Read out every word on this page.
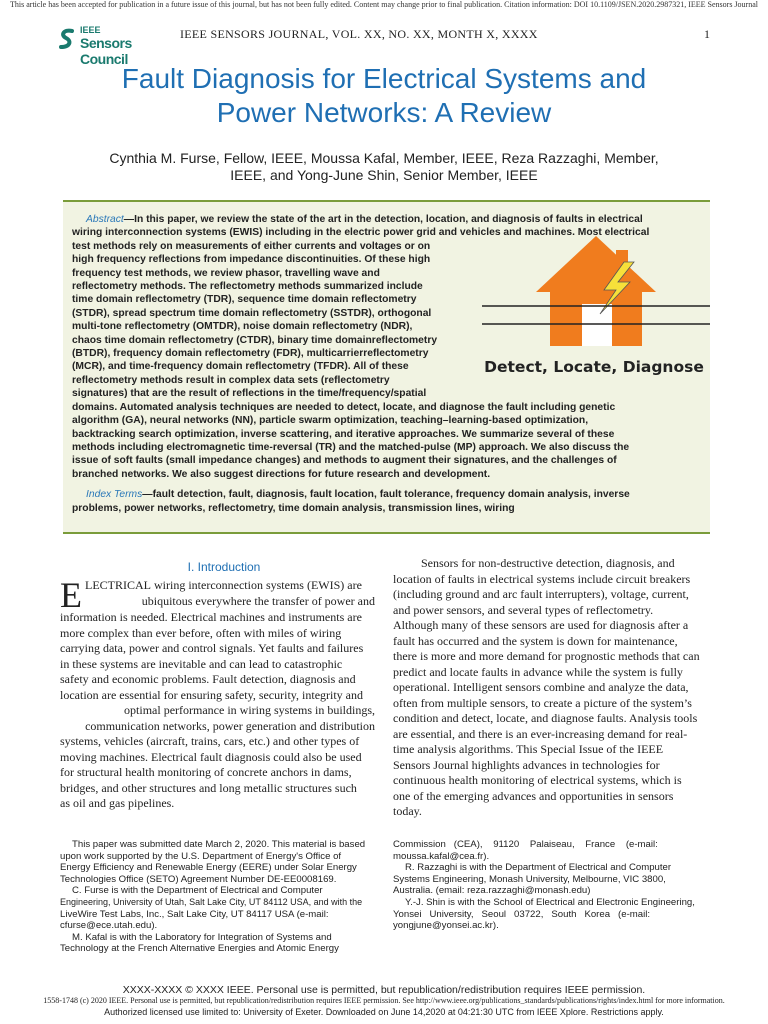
This article has been accepted for publication in a future issue of this journal, but has not been fully edited. Content may change prior to final publication. Citation information: DOI 10.1109/JSEN.2020.2987321, IEEE Sensors Journal
IEEE
Sensors Council
IEEE SENSORS JOURNAL, VOL. XX, NO. XX, MONTH X, XXXX	1
Fault Diagnosis for Electrical Systems and
Power Networks: A Review
Cynthia M. Furse, Fellow, IEEE, Moussa Kafal, Member, IEEE, Reza Razzaghi, Member,
IEEE, and Yong-June Shin, Senior Member, IEEE
Abstract—In this paper, we review the state of the art in the detection, location, and diagnosis of faults in electrical
wiring interconnection systems (EWIS) including in the electric power grid and vehicles and machines. Most electrical
test methods rely on measurements of either currents and voltages or on
high frequency reflections from impedance discontinuities. Of these high
frequency test methods, we review phasor, travelling wave and
reflectometry methods. The reflectometry methods summarized include
time domain reflectometry (TDR), sequence time domain reflectometry
(STDR), spread spectrum time domain reflectometry (SSTDR), orthogonal
multi-tone reflectometry (OMTDR), noise domain reflectometry (NDR),
chaos time domain reflectometry (CTDR), binary time domainreflectometry
(BTDR), frequency domain reflectometry (FDR), multicarrierreflectometry
(MCR), and time-frequency domain reflectometry (TFDR). All of these
reflectometry methods result in complex data sets (reflectometry
signatures) that are the result of reflections in the time/frequency/spatial
domains. Automated analysis techniques are needed to detect, locate, and diagnose the fault including genetic
algorithm (GA), neural networks (NN), particle swarm optimization, teaching–learning-based optimization,
backtracking search optimization, inverse scattering, and iterative approaches. We summarize several of these
methods including electromagnetic time-reversal (TR) and the matched-pulse (MP) approach. We also discuss the
issue of soft faults (small impedance changes) and methods to augment their signatures, and the challenges of
branched networks. We also suggest directions for future research and development.
Index Terms—fault detection, fault, diagnosis, fault location, fault tolerance, frequency domain analysis, inverse
problems, power networks, reflectometry, time domain analysis, transmission lines, wiring
Detect, Locate, Diagnose
I. Introduction
E LECTRICAL wiring interconnection systems (EWIS) are
ubiquitous everywhere the transfer of power and
information is needed. Electrical machines and instruments are
more complex than ever before, often with miles of wiring
carrying data, power and control signals. Yet faults and failures
in these systems are inevitable and can lead to catastrophic
safety and economic problems. Fault detection, diagnosis and
location are essential for ensuring safety, security, integrity and
optimal performance in wiring systems in buildings,
communication networks, power generation and distribution
systems, vehicles (aircraft, trains, cars, etc.) and other types of
moving machines. Electrical fault diagnosis could also be used
for structural health monitoring of concrete anchors in dams,
bridges, and other structures and long metallic structures such
as oil and gas pipelines.
Sensors for non-destructive detection, diagnosis, and
location of faults in electrical systems include circuit breakers
(including ground and arc fault interrupters), voltage, current,
and power sensors, and several types of reflectometry.
Although many of these sensors are used for diagnosis after a
fault has occurred and the system is down for maintenance,
there is more and more demand for prognostic methods that can
predict and locate faults in advance while the system is fully
operational. Intelligent sensors combine and analyze the data,
often from multiple sensors, to create a picture of the system’s
condition and detect, locate, and diagnose faults. Analysis tools
are essential, and there is an ever-increasing demand for real-
time analysis algorithms. This Special Issue of the IEEE
Sensors Journal highlights advances in technologies for
continuous health monitoring of electrical systems, which is
one of the emerging advances and opportunities in sensors
today.
This paper was submitted date March 2, 2020. This material is based
upon work supported by the U.S. Department of Energy's Office of
Energy Efficiency and Renewable Energy (EERE) under Solar Energy
Technologies Office (SETO) Agreement Number DE-EE0008169.
C. Furse is with the Department of Electrical and Computer
Engineering, University of Utah, Salt Lake City, UT 84112 USA, and with the
LiveWire Test Labs, Inc., Salt Lake City, UT 84117 USA (e-mail:
cfurse@ece.utah.edu).
M. Kafal is with the Laboratory for Integration of Systems and
Technology at the French Alternative Energies and Atomic Energy
Commission   (CEA),    91120    Palaiseau,    France    (e-mail:
moussa.kafal@cea.fr).
R. Razzaghi is with the Department of Electrical and Computer
Systems Engineering, Monash University, Melbourne, VIC 3800,
Australia. (email: reza.razzaghi@monash.edu)
Y.-J. Shin is with the School of Electrical and Electronic Engineering,
Yonsei   University,   Seoul   03722,   South   Korea   (e-mail:
yongjune@yonsei.ac.kr).
XXXX-XXXX © XXXX IEEE. Personal use is permitted, but republication/redistribution requires IEEE permission.
1558-1748 (c) 2020 IEEE. Personal use is permitted, but republication/redistribution requires IEEE permission. See http://www.ieee.org/publications_standards/publications/rights/index.html for more information.
Authorized licensed use limited to: University of Exeter. Downloaded on June 14,2020 at 04:21:30 UTC from IEEE Xplore. Restrictions apply.
